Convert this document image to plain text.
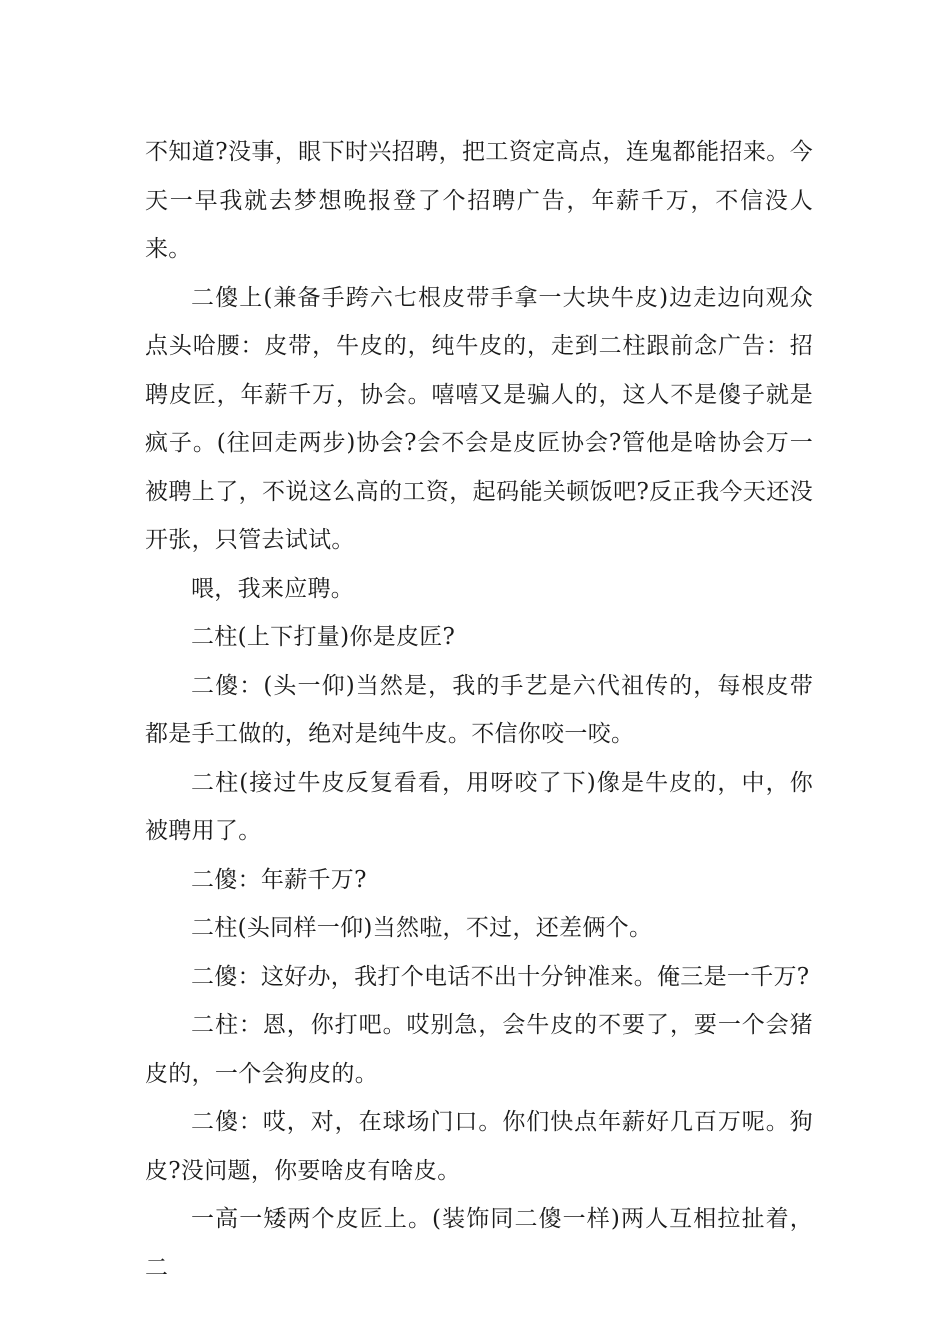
不知道?没事，眼下时兴招聘，把工资定高点，连鬼都能招来。今天一早我就去梦想晚报登了个招聘广告，年薪千万，不信没人来。

二傻上(兼备手跨六七根皮带手拿一大块牛皮)边走边向观众点头哈腰：皮带，牛皮的，纯牛皮的，走到二柱跟前念广告：招聘皮匠，年薪千万，协会。嘻嘻又是骗人的，这人不是傻子就是疯子。(往回走两步)协会?会不会是皮匠协会?管他是啥协会万一被聘上了，不说这么高的工资，起码能关顿饭吧?反正我今天还没开张，只管去试试。

喂，我来应聘。

二柱(上下打量)你是皮匠?

二傻：(头一仰)当然是，我的手艺是六代祖传的，每根皮带都是手工做的，绝对是纯牛皮。不信你咬一咬。

二柱(接过牛皮反复看看，用呀咬了下)像是牛皮的，中，你被聘用了。

二傻：年薪千万?

二柱(头同样一仰)当然啦，不过，还差俩个。

二傻：这好办，我打个电话不出十分钟准来。俺三是一千万?

二柱：恩，你打吧。哎别急，会牛皮的不要了，要一个会猪皮的，一个会狗皮的。

二傻：哎，对，在球场门口。你们快点年薪好几百万呢。狗皮?没问题，你要啥皮有啥皮。

一高一矮两个皮匠上。(装饰同二傻一样)两人互相拉扯着，二
